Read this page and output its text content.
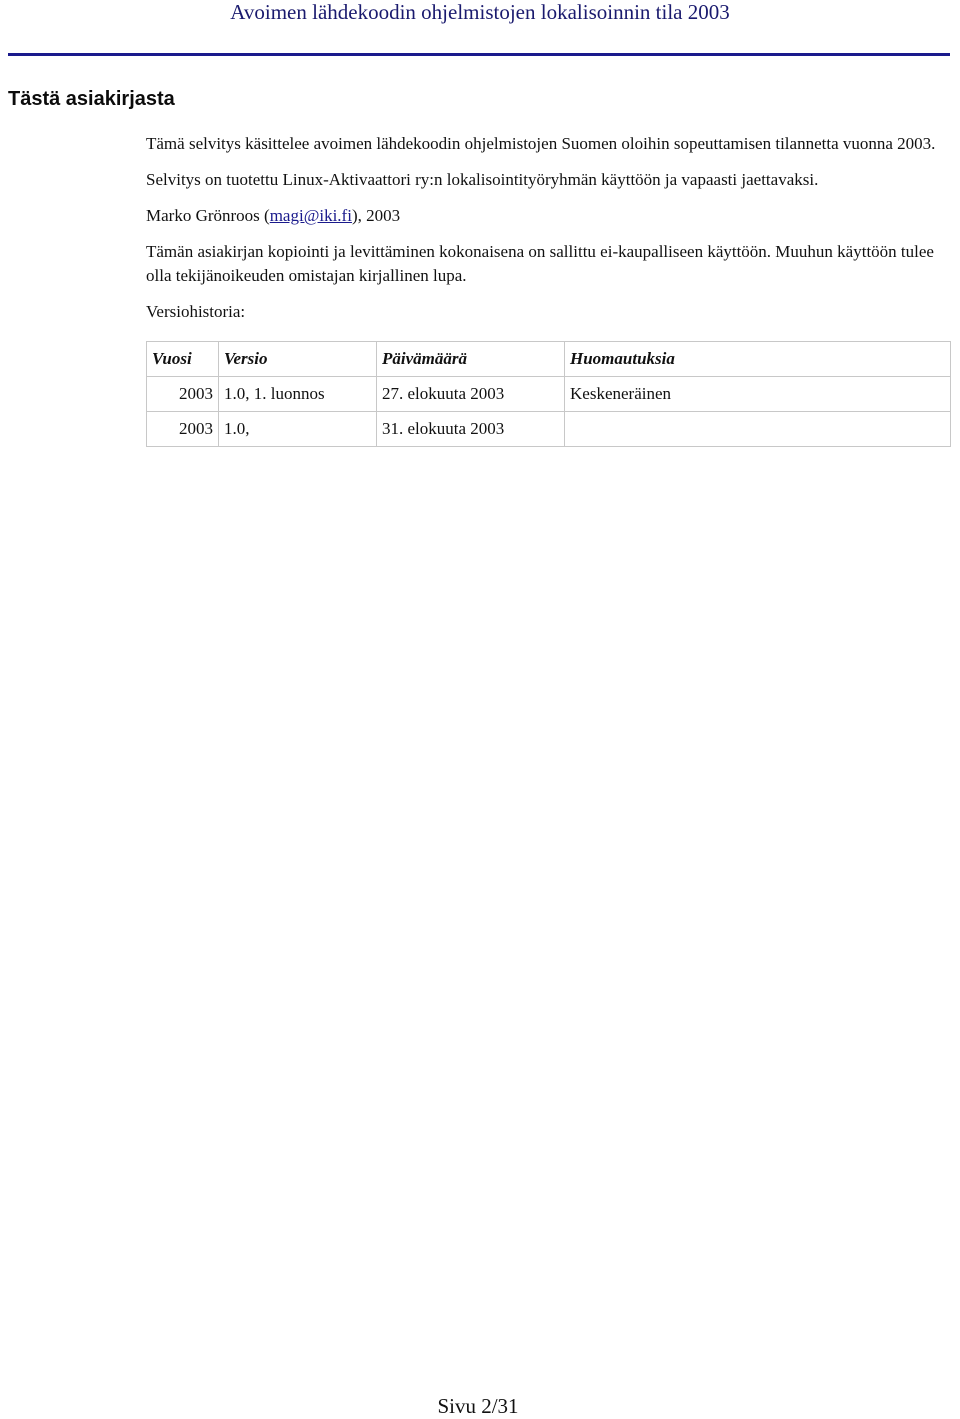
Avoimen lähdekoodin ohjelmistojen lokalisoinnin tila 2003
Tästä asiakirjasta

Tämä selvitys käsittelee avoimen lähdekoodin ohjelmistojen Suomen oloihin sopeuttamisen tilannetta vuonna 2003.

Selvitys on tuotettu Linux-Aktivaattori ry:n lokalisointityöryhmän käyttöön ja vapaasti jaettavaksi.

Marko Grönroos (magi@iki.fi), 2003

Tämän asiakirjan kopiointi ja levittäminen kokonaisena on sallittu ei-kaupalliseen käyttöön. Muuhun käyttöön tulee olla tekijänoikeuden omistajan kirjallinen lupa.

Versiohistoria:

Vuosi	Versio	Päivämäärä	Huomautuksia
2003	1.0, 1. luonnos	27. elokuuta 2003	Keskeneräinen
2003	1.0,	31. elokuuta 2003	
Sivu 2/31
